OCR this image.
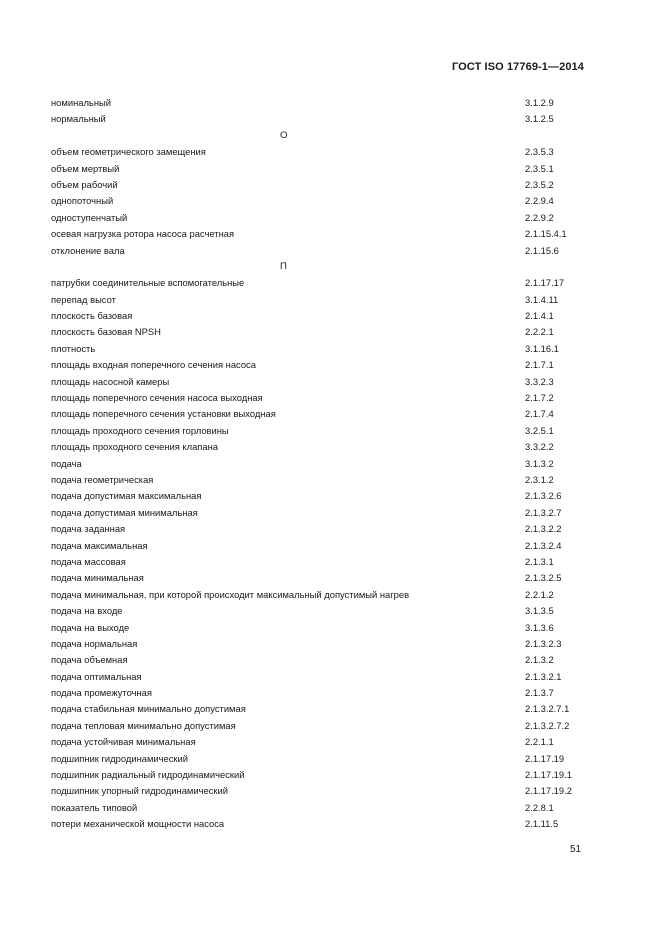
ГОСТ ISO 17769-1—2014
номинальный	3.1.2.9
нормальный	3.1.2.5
О
объем геометрического замещения	2.3.5.3
объем мертвый	2.3.5.1
объем рабочий	2.3.5.2
однопоточный	2.2.9.4
одноступенчатый	2.2.9.2
осевая нагрузка ротора насоса расчетная	2.1.15.4.1
отклонение вала	2.1.15.6
П
патрубки соединительные вспомогательные	2.1.17.17
перепад высот	3.1.4.11
плоскость базовая	2.1.4.1
плоскость базовая NPSH	2.2.2.1
плотность	3.1.16.1
площадь входная поперечного сечения насоса	2.1.7.1
площадь насосной камеры	3.3.2.3
площадь поперечного сечения насоса выходная	2.1.7.2
площадь поперечного сечения установки выходная	2.1.7.4
площадь проходного сечения горловины	3.2.5.1
площадь проходного сечения клапана	3.3.2.2
подача	3.1.3.2
подача геометрическая	2.3.1.2
подача допустимая максимальная	2.1.3.2.6
подача допустимая минимальная	2.1.3.2.7
подача заданная	2.1.3.2.2
подача максимальная	2.1.3.2.4
подача массовая	2.1.3.1
подача минимальная	2.1.3.2.5
подача минимальная, при которой происходит максимальный допустимый нагрев	2.2.1.2
подача на входе	3.1.3.5
подача на выходе	3.1.3.6
подача нормальная	2.1.3.2.3
подача объемная	2.1.3.2
подача оптимальная	2.1.3.2.1
подача промежуточная	2.1.3.7
подача стабильная минимально допустимая	2.1.3.2.7.1
подача тепловая минимально допустимая	2.1.3.2.7.2
подача устойчивая минимальная	2.2.1.1
подшипник гидродинамический	2.1.17.19
подшипник радиальный гидродинамический	2.1.17.19.1
подшипник упорный гидродинамический	2.1.17.19.2
показатель типовой	2.2.8.1
потери механической мощности насоса	2.1.11.5
51
